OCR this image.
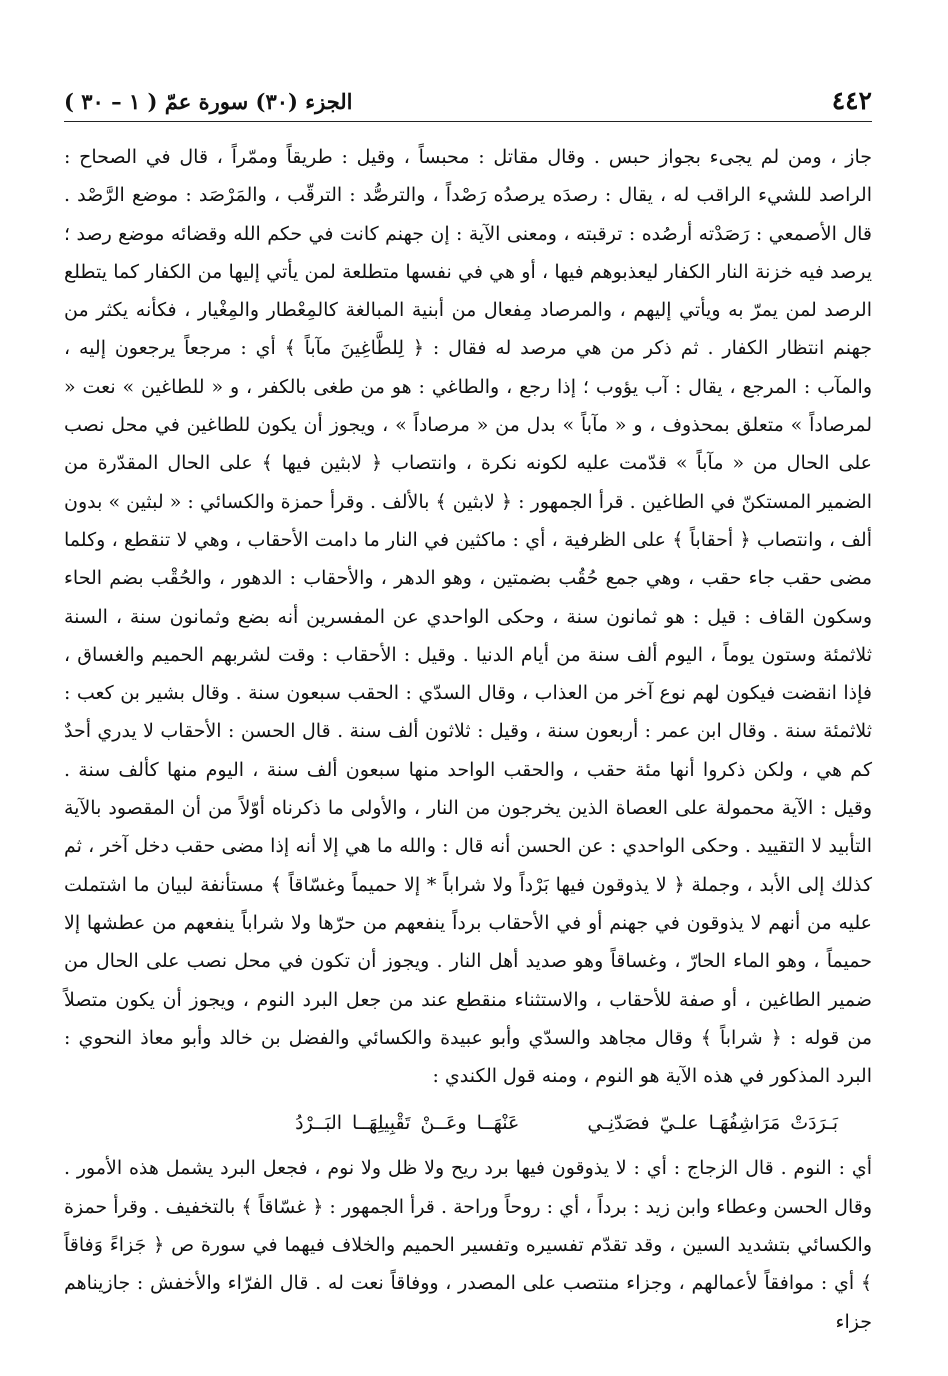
٤٤٢
الجزء (٣٠) سورة عمّ ( ١ – ٣٠ )

جاز ، ومن لم يجىء بجواز حبس . وقال مقاتل : محبساً ، وقيل : طريقاً وممّراً ، قال في الصحاح : الراصد للشيء الراقب له ، يقال : رصدَه يرصدُه رَصْداً ، والترصُّد : الترقّب ، والمَرْصَد : موضع الرَّصْد . قال الأصمعي : رَصَدْته أرصُده : ترقبته ، ومعنى الآية : إن جهنم كانت في حكم الله وقضائه موضع رصد ؛ يرصد فيه خزنة النار الكفار ليعذبوهم فيها ، أو هي في نفسها متطلعة لمن يأتي إليها من الكفار كما يتطلع الرصد لمن يمرّ به ويأتي إليهم ، والمرصاد مِفعال من أبنية المبالغة كالمِعْطار والمِغْيار ، فكأنه يكثر من جهنم انتظار الكفار . ثم ذكر من هي مرصد له فقال : ﴿ لِلطَّاغِينَ مآباً ﴾ أي : مرجعاً يرجعون إليه ، والمآب : المرجع ، يقال : آب يؤوب ؛ إذا رجع ، والطاغي : هو من طغى بالكفر ، و « للطاغين » نعت « لمرصاداً » متعلق بمحذوف ، و « مآباً » بدل من « مرصاداً » ، ويجوز أن يكون للطاغين في محل نصب على الحال من « مآباً » قدّمت عليه لكونه نكرة ، وانتصاب ﴿ لابثين فيها ﴾ على الحال المقدّرة من الضمير المستكنّ في الطاغين . قرأ الجمهور : ﴿ لابثين ﴾ بالألف . وقرأ حمزة والكسائي : « لبثين » بدون ألف ، وانتصاب ﴿ أحقاباً ﴾ على الظرفية ، أي : ماكثين في النار ما دامت الأحقاب ، وهي لا تنقطع ، وكلما مضى حقب جاء حقب ، وهي جمع حُقُب بضمتين ، وهو الدهر ، والأحقاب : الدهور ، والحُقْب بضم الحاء وسكون القاف : قيل : هو ثمانون سنة ، وحكى الواحدي عن المفسرين أنه بضع وثمانون سنة ، السنة ثلاثمئة وستون يوماً ، اليوم ألف سنة من أيام الدنيا . وقيل : الأحقاب : وقت لشربهم الحميم والغساق ، فإذا انقضت فيكون لهم نوع آخر من العذاب ، وقال السدّي : الحقب سبعون سنة . وقال بشير بن كعب : ثلاثمئة سنة . وقال ابن عمر : أربعون سنة ، وقيل : ثلاثون ألف سنة . قال الحسن : الأحقاب لا يدري أحدٌ كم هي ، ولكن ذكروا أنها مئة حقب ، والحقب الواحد منها سبعون ألف سنة ، اليوم منها كألف سنة . وقيل : الآية محمولة على العصاة الذين يخرجون من النار ، والأولى ما ذكرناه أوّلاً من أن المقصود بالآية التأبيد لا التقييد . وحكى الواحدي : عن الحسن أنه قال : والله ما هي إلا أنه إذا مضى حقب دخل آخر ، ثم كذلك إلى الأبد ، وجملة ﴿ لا يذوقون فيها بَرْداً ولا شراباً * إلا حميماً وغسّاقاً ﴾ مستأنفة لبيان ما اشتملت عليه من أنهم لا يذوقون في جهنم أو في الأحقاب برداً ينفعهم من حرّها ولا شراباً ينفعهم من عطشها إلا حميماً ، وهو الماء الحارّ ، وغساقاً وهو صديد أهل النار . ويجوز أن تكون في محل نصب على الحال من ضمير الطاغين ، أو صفة للأحقاب ، والاستثناء منقطع عند من جعل البرد النوم ، ويجوز أن يكون متصلاً من قوله : ﴿ شراباً ﴾ وقال مجاهد والسدّي وأبو عبيدة والكسائي والفضل بن خالد وأبو معاذ النحوي : البرد المذكور في هذه الآية هو النوم ، ومنه قول الكندي :

بَـرَدَتْ مَرَاشِفُهَـا علـيّ فصَدّنِـيعَنْهَــا وعَــنْ تَقْبِيلِهَــا البَــرْدُ

أي : النوم . قال الزجاج : أي : لا يذوقون فيها برد ريح ولا ظل ولا نوم ، فجعل البرد يشمل هذه الأمور . وقال الحسن وعطاء وابن زيد : برداً ، أي : روحاً وراحة . قرأ الجمهور : ﴿ غسّاقاً ﴾ بالتخفيف . وقرأ حمزة والكسائي بتشديد السين ، وقد تقدّم تفسيره وتفسير الحميم والخلاف فيهما في سورة ص ﴿ جَزاءً وَفاقاً ﴾ أي : موافقاً لأعمالهم ، وجزاء منتصب على المصدر ، ووفاقاً نعت له . قال الفرّاء والأخفش : جازيناهم جزاء
